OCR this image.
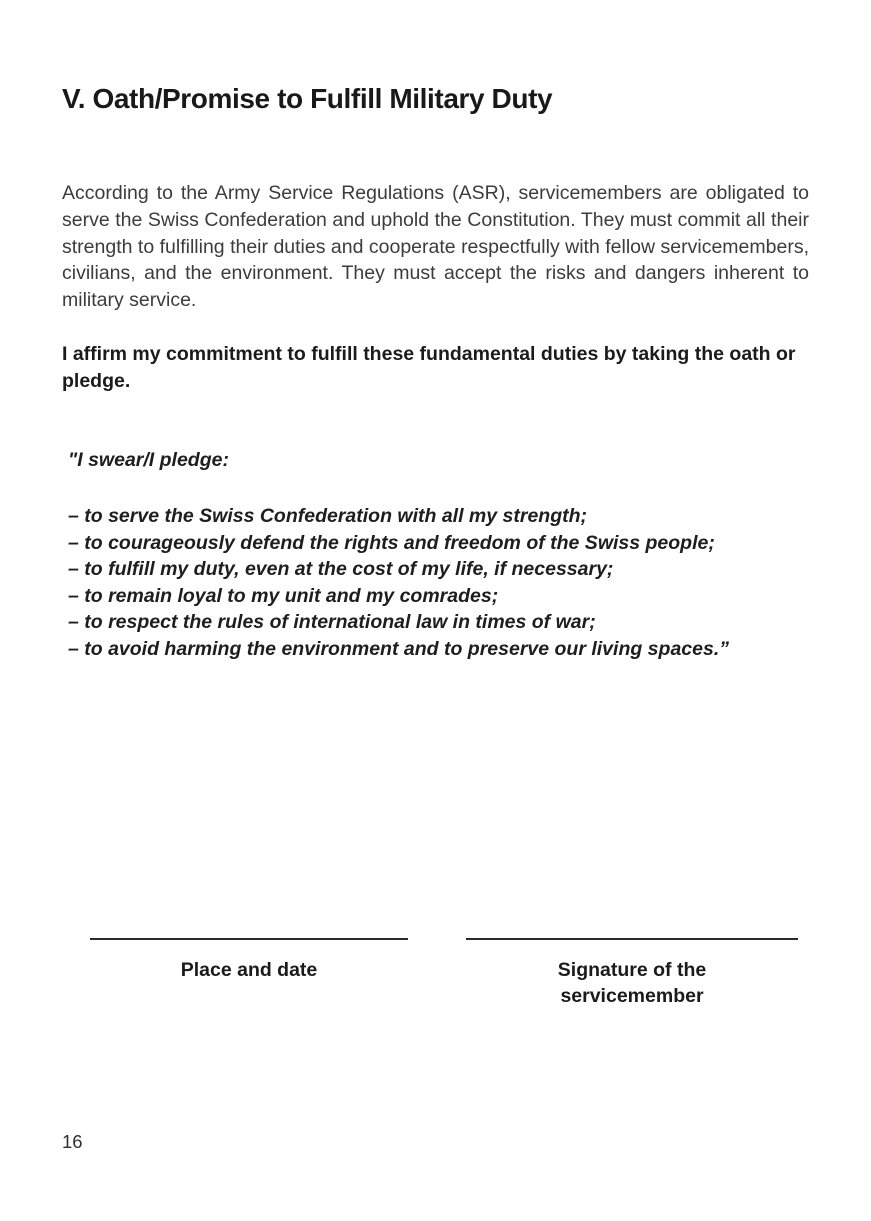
V. Oath/Promise to Fulfill Military Duty

According to the Army Service Regulations (ASR), servicemembers are obligated to serve the Swiss Confederation and uphold the Constitution. They must commit all their strength to fulfilling their duties and cooperate respectfully with fellow servicemembers, civilians, and the environment. They must accept the risks and dangers inherent to military service.

I affirm my commitment to fulfill these fundamental duties by taking the oath or pledge.

"I swear/I pledge:

– to serve the Swiss Confederation with all my strength;
– to courageously defend the rights and freedom of the Swiss people;
– to fulfill my duty, even at the cost of my life, if necessary;
– to remain loyal to my unit and my comrades;
– to respect the rules of international law in times of war;
– to avoid harming the environment and to preserve our living spaces.”
Place and date	Signature of the
servicemember
16
